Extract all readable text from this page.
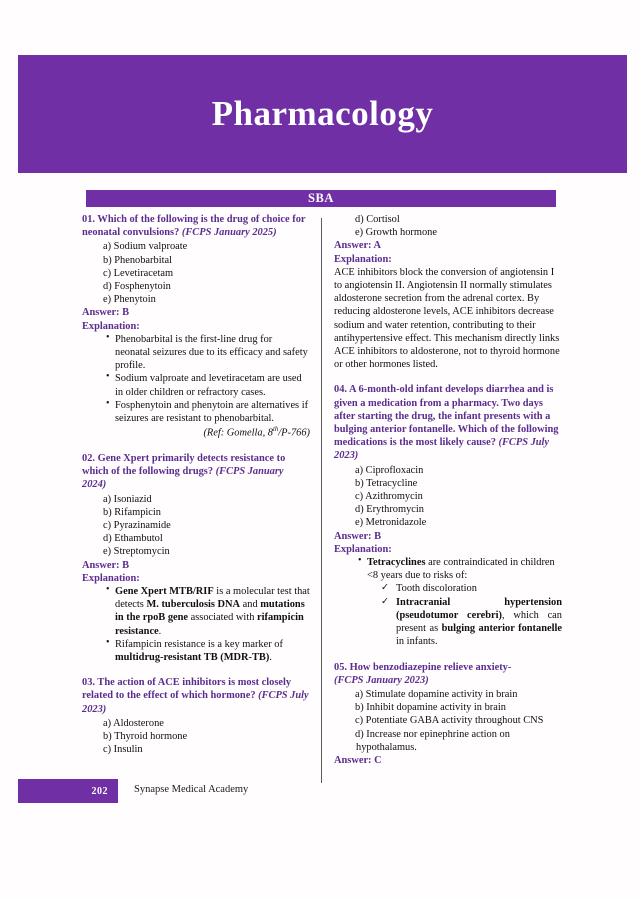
Pharmacology
SBA

01. Which of the following is the drug of choice for neonatal convulsions? (FCPS January 2025)

a) Sodium valproate
b) Phenobarbital
c) Levetiracetam
d) Fosphenytoin
e) Phenytoin

Answer: B

Explanation:

• Phenobarbital is the first-line drug for neonatal seizures due to its efficacy and safety profile.
• Sodium valproate and levetiracetam are used in older children or refractory cases.
• Fosphenytoin and phenytoin are alternatives if seizures are resistant to phenobarbital.

(Ref: Gomella, 8th/P-766)

02. Gene Xpert primarily detects resistance to which of the following drugs? (FCPS January 2024)

a) Isoniazid
b) Rifampicin
c) Pyrazinamide
d) Ethambutol
e) Streptomycin

Answer: B

Explanation:

• Gene Xpert MTB/RIF is a molecular test that detects M. tuberculosis DNA and mutations in the rpoB gene associated with rifampicin resistance.
• Rifampicin resistance is a key marker of multidrug-resistant TB (MDR-TB).

03. The action of ACE inhibitors is most closely related to the effect of which hormone? (FCPS July 2023)

a) Aldosterone
b) Thyroid hormone
c) Insulin
d) Cortisol
e) Growth hormone

Answer: A

Explanation:

ACE inhibitors block the conversion of angiotensin I to angiotensin II. Angiotensin II normally stimulates aldosterone secretion from the adrenal cortex. By reducing aldosterone levels, ACE inhibitors decrease sodium and water retention, contributing to their antihypertensive effect. This mechanism directly links ACE inhibitors to aldosterone, not to thyroid hormone or other hormones listed.

04. A 6-month-old infant develops diarrhea and is given a medication from a pharmacy. Two days after starting the drug, the infant presents with a bulging anterior fontanelle. Which of the following medications is the most likely cause? (FCPS July 2023)

a) Ciprofloxacin
b) Tetracycline
c) Azithromycin
d) Erythromycin
e) Metronidazole

Answer: B

Explanation:

• Tetracyclines are contraindicated in children <8 years due to risks of:
✓ Tooth discoloration
✓ Intracranial	hypertension
(pseudotumor cerebri), which can present as bulging anterior fontanelle in infants.

05. How benzodiazepine relieve anxiety-
(FCPS January 2023)

a) Stimulate dopamine activity in brain
b) Inhibit dopamine activity in brain
c) Potentiate GABA activity throughout CNS
d) Increase nor epinephrine action on hypothalamus.

Answer: C

202 Synapse Medical Academy
